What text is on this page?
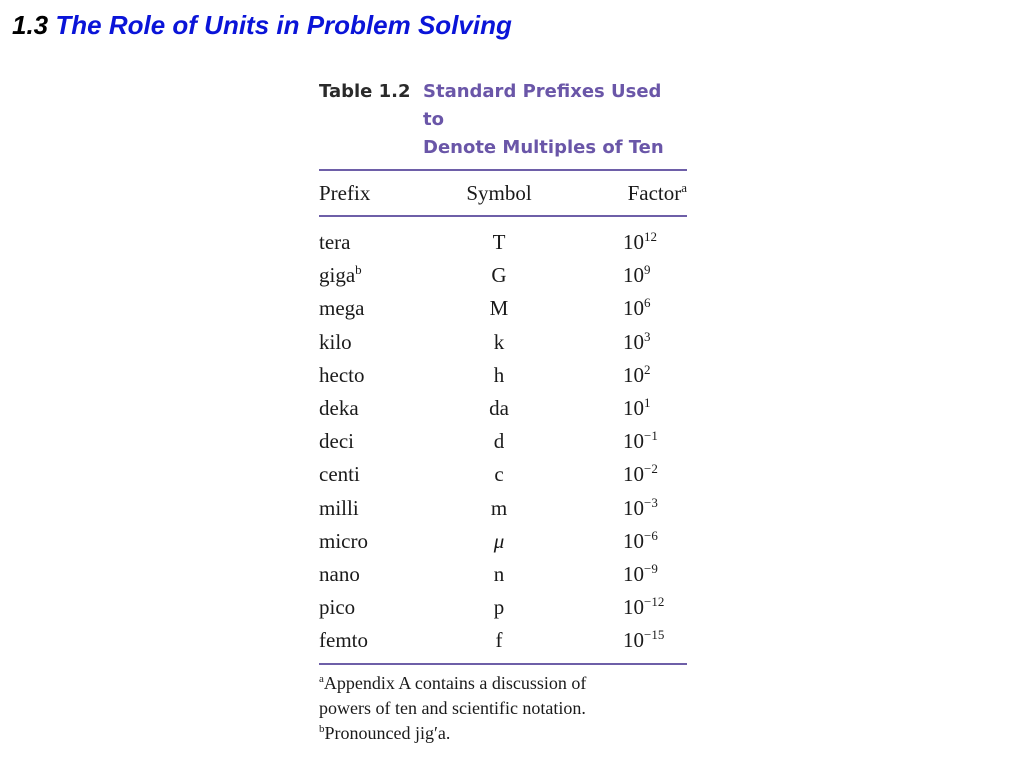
1.3 The Role of Units in Problem Solving
Table 1.2 Standard Prefixes Used to
Denote Multiples of Ten
Prefix	Symbol	Factor$^a$
tera	T	$10^{12}$
giga$^b$	G	$10^9$
mega	M	$10^6$
kilo	k	$10^3$
hecto	h	$10^2$
deka	da	$10^1$
deci	d	$10^{-1}$
centi	c	$10^{-2}$
milli	m	$10^{-3}$
micro	μ	$10^{-6}$
nano	n	$10^{-9}$
pico	p	$10^{-12}$
femto	f	$10^{-15}$
$^a$Appendix A contains a discussion of
powers of ten and scientific notation.
$^b$Pronounced jig′a.
